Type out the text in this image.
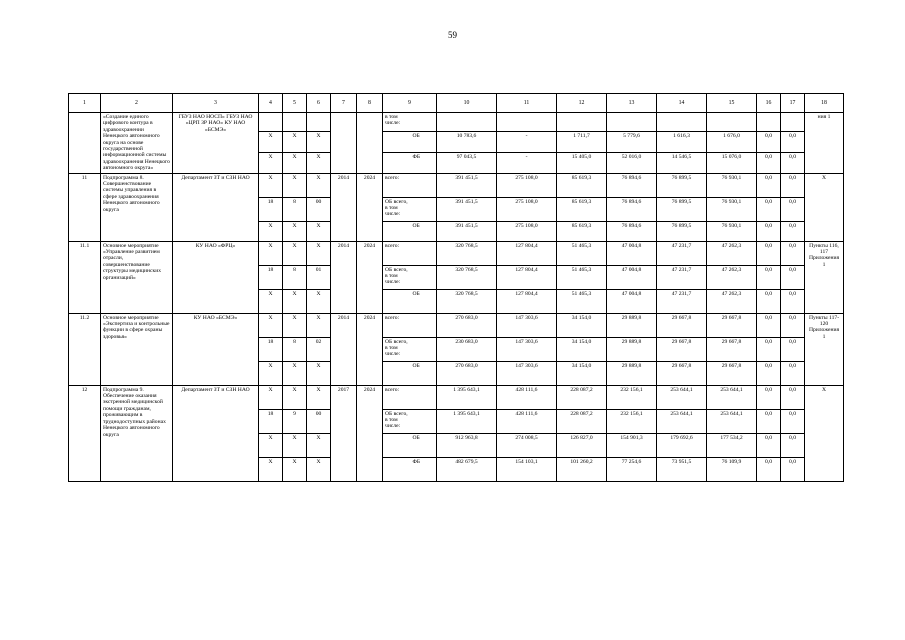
59
1	2	3	4	5	6	7	8	9		10	11	12	13	14	15	16	17	18
	«Создание единого цифрового контура в здравоохранении Ненецкого автономного округа на основе государственной информационной системы здравоохранения Ненецкого автономного округа»	ГБУЗ НАО НОСП» ГБУЗ НАО «ЦРП ЗР НАО» КУ НАО «БСМЭ»						в том числе:										ния 1
			Х	Х	Х				ОБ	10 783,6	-	1 711,7	5 779,6	1 616,3	1 676,0	0,0	0,0	
			Х	Х	Х				ФБ	97 043,5	-	15 405,0	52 016,0	14 546,5	15 076,0	0,0	0,0	
11	Подпрограмма 8. Совершенствование системы управления в сфере здравоохранения Ненецкого автономного округа	Департамент ЗТ и СЗН НАО	Х	Х	Х	2014	2024	всего:		391 451,5	275 108,0	85 619,3	76 894,6	76 899,5	76 930,1	0,0	0,0	Х
			18	8	00			ОБ всего, в том числе:		391 451,5	275 108,0	85 619,3	76 894,6	76 899,5	76 930,1	0,0	0,0	
			Х	Х	Х				ОБ	391 451,5	275 108,0	85 619,3	76 894,6	76 899,5	76 930,1	0,0	0,0	
11.1	Основное мероприятие «Управление развитием отрасли, совершенствование структуры медицинских организаций»	КУ НАО «ФРЦ»	Х	Х	Х	2014	2024	всего:		320 768,5	127 804,4	51 465,3	47 004,8	47 231,7	47 262,3	0,0	0,0	Пункты 116, 117 Приложения 1
			18	8	01			ОБ всего, в том числе:		320 768,5	127 804,4	51 465,3	47 004,8	47 231,7	47 262,3	0,0	0,0	
			Х	Х	Х				ОБ	320 768,5	127 804,4	51 465,3	47 004,8	47 231,7	47 262,3	0,0	0,0	
11.2	Основное мероприятие «Экспертиза и контрольные функции в сфере охраны здоровья»	КУ НАО «БСМЭ»	Х	Х	Х	2014	2024	всего:		270 683,0	147 303,6	34 154,0	29 889,8	29 667,8	29 667,8	0,0	0,0	Пункты 117-120 Приложения 1
			18	8	02			ОБ всего, в том числе:		230 683,0	147 303,6	34 154,0	29 889,8	29 667,8	29 667,8	0,0	0,0	
			Х	Х	Х				ОБ	270 683,0	147 303,6	34 154,0	29 889,8	29 667,8	29 667,8	0,0	0,0	
12	Подпрограмма 9. Обеспечение оказания экстренной медицинской помощи гражданам, проживающим в труднодоступных районах Ненецкого автономного округа	Департамент ЗТ и СЗН НАО	Х	Х	Х	2017	2024	всего:		1 395 643,1	428 111,6	228 087,2	232 156,1	253 644,1	253 644,1	0,0	0,0	Х
			18	9	00			ОБ всего, в том числе:		1 395 643,1	428 111,6	228 087,2	232 156,1	253 644,1	253 644,1	0,0	0,0	
			Х	Х	Х				ОБ	912 963,8	274 008,5	126 827,0	154 901,3	179 692,6	177 534,2	0,0	0,0	
			Х	Х	Х				ФБ	482 679,5	154 103,1	101 260,2	77 254,6	73 951,5	76 109,9	0,0	0,0	
